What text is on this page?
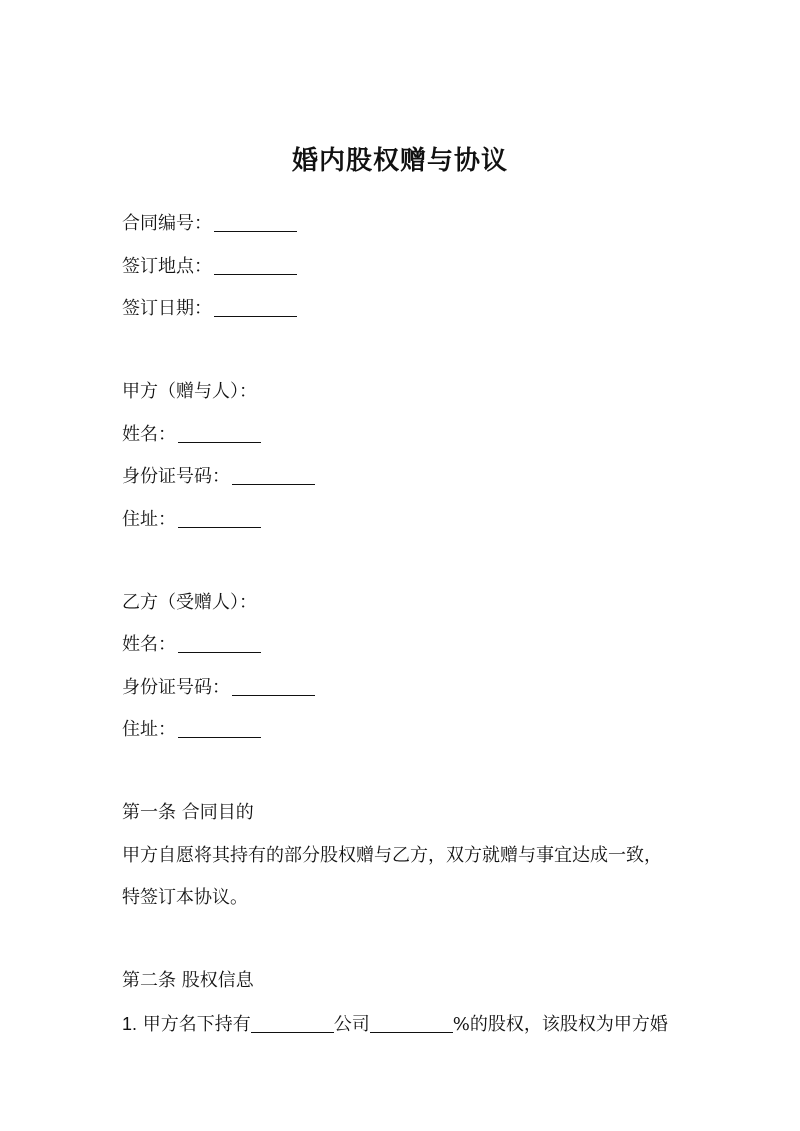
婚内股权赠与协议
合同编号：
签订地点：
签订日期：
甲方（赠与人）：
姓名：
身份证号码：
住址：
乙方（受赠人）：
姓名：
身份证号码：
住址：
第一条 合同目的
甲方自愿将其持有的部分股权赠与乙方，双方就赠与事宜达成一致，
特签订本协议。
第二条 股权信息
1. 甲方名下持有	公司	%的股权，该股权为甲方婚
